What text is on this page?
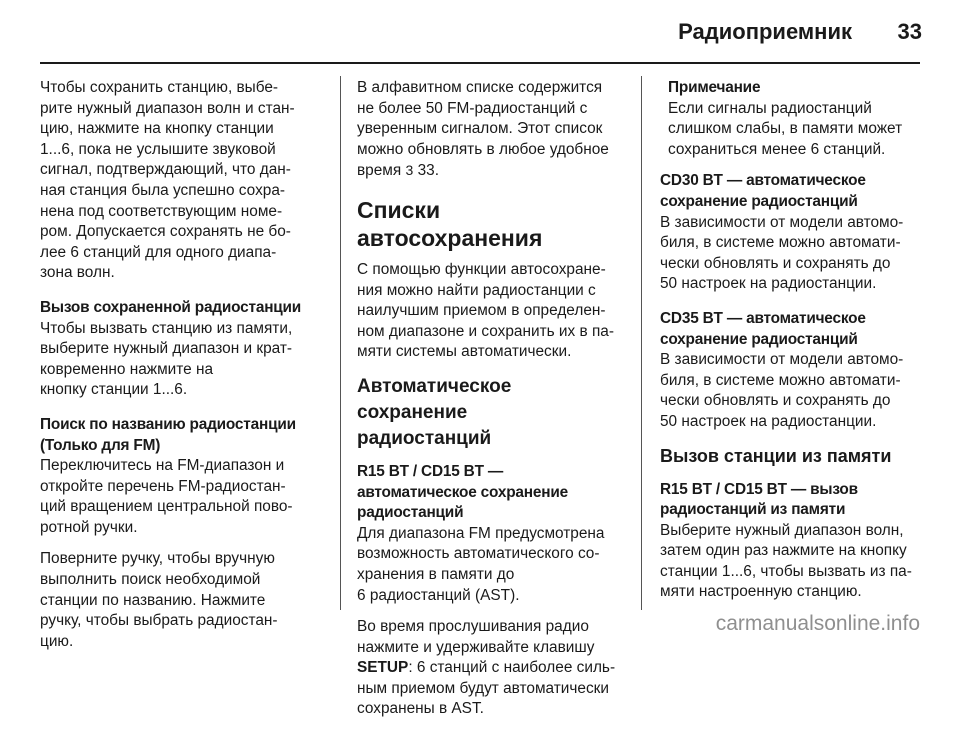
Радиоприемник 33

Чтобы сохранить станцию, выбе-
рите нужный диапазон волн и стан-
цию, нажмите на кнопку станции
1...6, пока не услышите звуковой
сигнал, подтверждающий, что дан-
ная станция была успешно сохра-
нена под соответствующим номе-
ром. Допускается сохранять не бо-
лее 6 станций для одного диапа-
зона волн.

Вызов сохраненной радиостанции

Чтобы вызвать станцию из памяти,
выберите нужный диапазон и крат-
ковременно нажмите на
кнопку станции 1...6.

Поиск по названию радиостанции
(Только для FM)

Переключитесь на FM-диапазон и
откройте перечень FM-радиостан-
ций вращением центральной пово-
ротной ручки.

Поверните ручку, чтобы вручную
выполнить поиск необходимой
станции по названию. Нажмите
ручку, чтобы выбрать радиостан-
цию.

В алфавитном списке содержится
не более 50 FM-радиостанций с
уверенным сигналом. Этот список
можно обновлять в любое удобное
время 3 33.

Списки автосохранения

С помощью функции автосохране-
ния можно найти радиостанции с
наилучшим приемом в определен-
ном диапазоне и сохранить их в па-
мяти системы автоматически.

Автоматическое сохранение
радиостанций
R15 BT / CD15 BT —
автоматическое сохранение
радиостанций

Для диапазона FM предусмотрена
возможность автоматического со-
хранения в памяти до
6 радиостанций (AST).

Во время прослушивания радио
нажмите и удерживайте клавишу
SETUP: 6 станций с наиболее силь-
ным приемом будут автоматически
сохранены в AST.

Примечание

Если сигналы радиостанций
слишком слабы, в памяти может
сохраниться менее 6 станций.

CD30 BT — автоматическое
сохранение радиостанций

В зависимости от модели автомо-
биля, в системе можно автомати-
чески обновлять и сохранять до
50 настроек на радиостанции.

CD35 BT — автоматическое
сохранение радиостанций

В зависимости от модели автомо-
биля, в системе можно автомати-
чески обновлять и сохранять до
50 настроек на радиостанции.

Вызов станции из памяти
R15 BT / CD15 BT — вызов
радиостанций из памяти

Выберите нужный диапазон волн,
затем один раз нажмите на кнопку
станции 1...6, чтобы вызвать из па-
мяти настроенную станцию.

carmanualsonline.info
